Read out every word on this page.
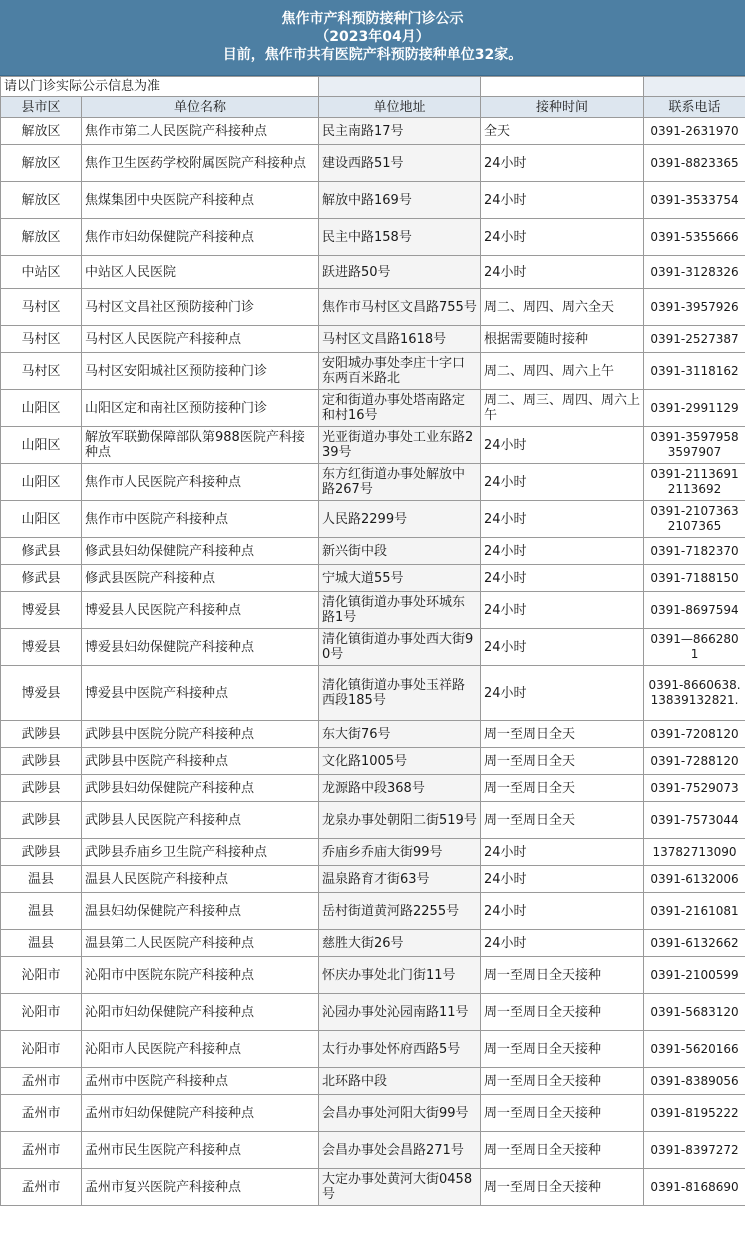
焦作市产科预防接种门诊公示
（2023年04月）
目前，焦作市共有医院产科预防接种单位32家。
请以门诊实际公示信息为准				
县市区	单位名称	单位地址	接种时间	联系电话
解放区	焦作市第二人民医院产科接种点	民主南路17号	全天	0391-2631970
解放区	焦作卫生医药学校附属医院产科接种点	建设西路51号	24小时	0391-8823365
解放区	焦煤集团中央医院产科接种点	解放中路169号	24小时	0391-3533754
解放区	焦作市妇幼保健院产科接种点	民主中路158号	24小时	0391-5355666
中站区	中站区人民医院	跃进路50号	24小时	0391-3128326
马村区	马村区文昌社区预防接种门诊	焦作市马村区文昌路755号	周二、周四、周六全天	0391-3957926
马村区	马村区人民医院产科接种点	马村区文昌路1618号	根据需要随时接种	0391-2527387
马村区	马村区安阳城社区预防接种门诊	安阳城办事处李庄十字口东两百米路北	周二、周四、周六上午	0391-3118162
山阳区	山阳区定和南社区预防接种门诊	定和街道办事处塔南路定和村16号	周二、周三、周四、周六上午	0391-2991129
山阳区	解放军联勤保障部队第988医院产科接种点	光亚街道办事处工业东路239号	24小时	0391-3597958 3597907
山阳区	焦作市人民医院产科接种点	东方红街道办事处解放中路267号	24小时	0391-2113691 2113692
山阳区	焦作市中医院产科接种点	人民路2299号	24小时	0391-2107363 2107365
修武县	修武县妇幼保健院产科接种点	新兴街中段	24小时	0391-7182370
修武县	修武县医院产科接种点	宁城大道55号	24小时	0391-7188150
博爱县	博爱县人民医院产科接种点	清化镇街道办事处环城东路1号	24小时	0391-8697594
博爱县	博爱县妇幼保健院产科接种点	清化镇街道办事处西大街90号	24小时	0391—8662801
博爱县	博爱县中医院产科接种点	清化镇街道办事处玉祥路西段185号	24小时	0391-8660638.13839132821.
武陟县	武陟县中医院分院产科接种点	东大街76号	周一至周日全天	0391-7208120
武陟县	武陟县中医院产科接种点	文化路1005号	周一至周日全天	0391-7288120
武陟县	武陟县妇幼保健院产科接种点	龙源路中段368号	周一至周日全天	0391-7529073
武陟县	武陟县人民医院产科接种点	龙泉办事处朝阳二街519号	周一至周日全天	0391-7573044
武陟县	武陟县乔庙乡卫生院产科接种点	乔庙乡乔庙大街99号	24小时	13782713090
温县	温县人民医院产科接种点	温泉路育才街63号	24小时	0391-6132006
温县	温县妇幼保健院产科接种点	岳村街道黄河路2255号	24小时	0391-2161081
温县	温县第二人民医院产科接种点	慈胜大街26号	24小时	0391-6132662
沁阳市	沁阳市中医院东院产科接种点	怀庆办事处北门街11号	周一至周日全天接种	0391-2100599
沁阳市	沁阳市妇幼保健院产科接种点	沁园办事处沁园南路11号	周一至周日全天接种	0391-5683120
沁阳市	沁阳市人民医院产科接种点	太行办事处怀府西路5号	周一至周日全天接种	0391-5620166
孟州市	孟州市中医院产科接种点	北环路中段	周一至周日全天接种	0391-8389056
孟州市	孟州市妇幼保健院产科接种点	会昌办事处河阳大街99号	周一至周日全天接种	0391-8195222
孟州市	孟州市民生医院产科接种点	会昌办事处会昌路271号	周一至周日全天接种	0391-8397272
孟州市	孟州市复兴医院产科接种点	大定办事处黄河大街0458号	周一至周日全天接种	0391-8168690
